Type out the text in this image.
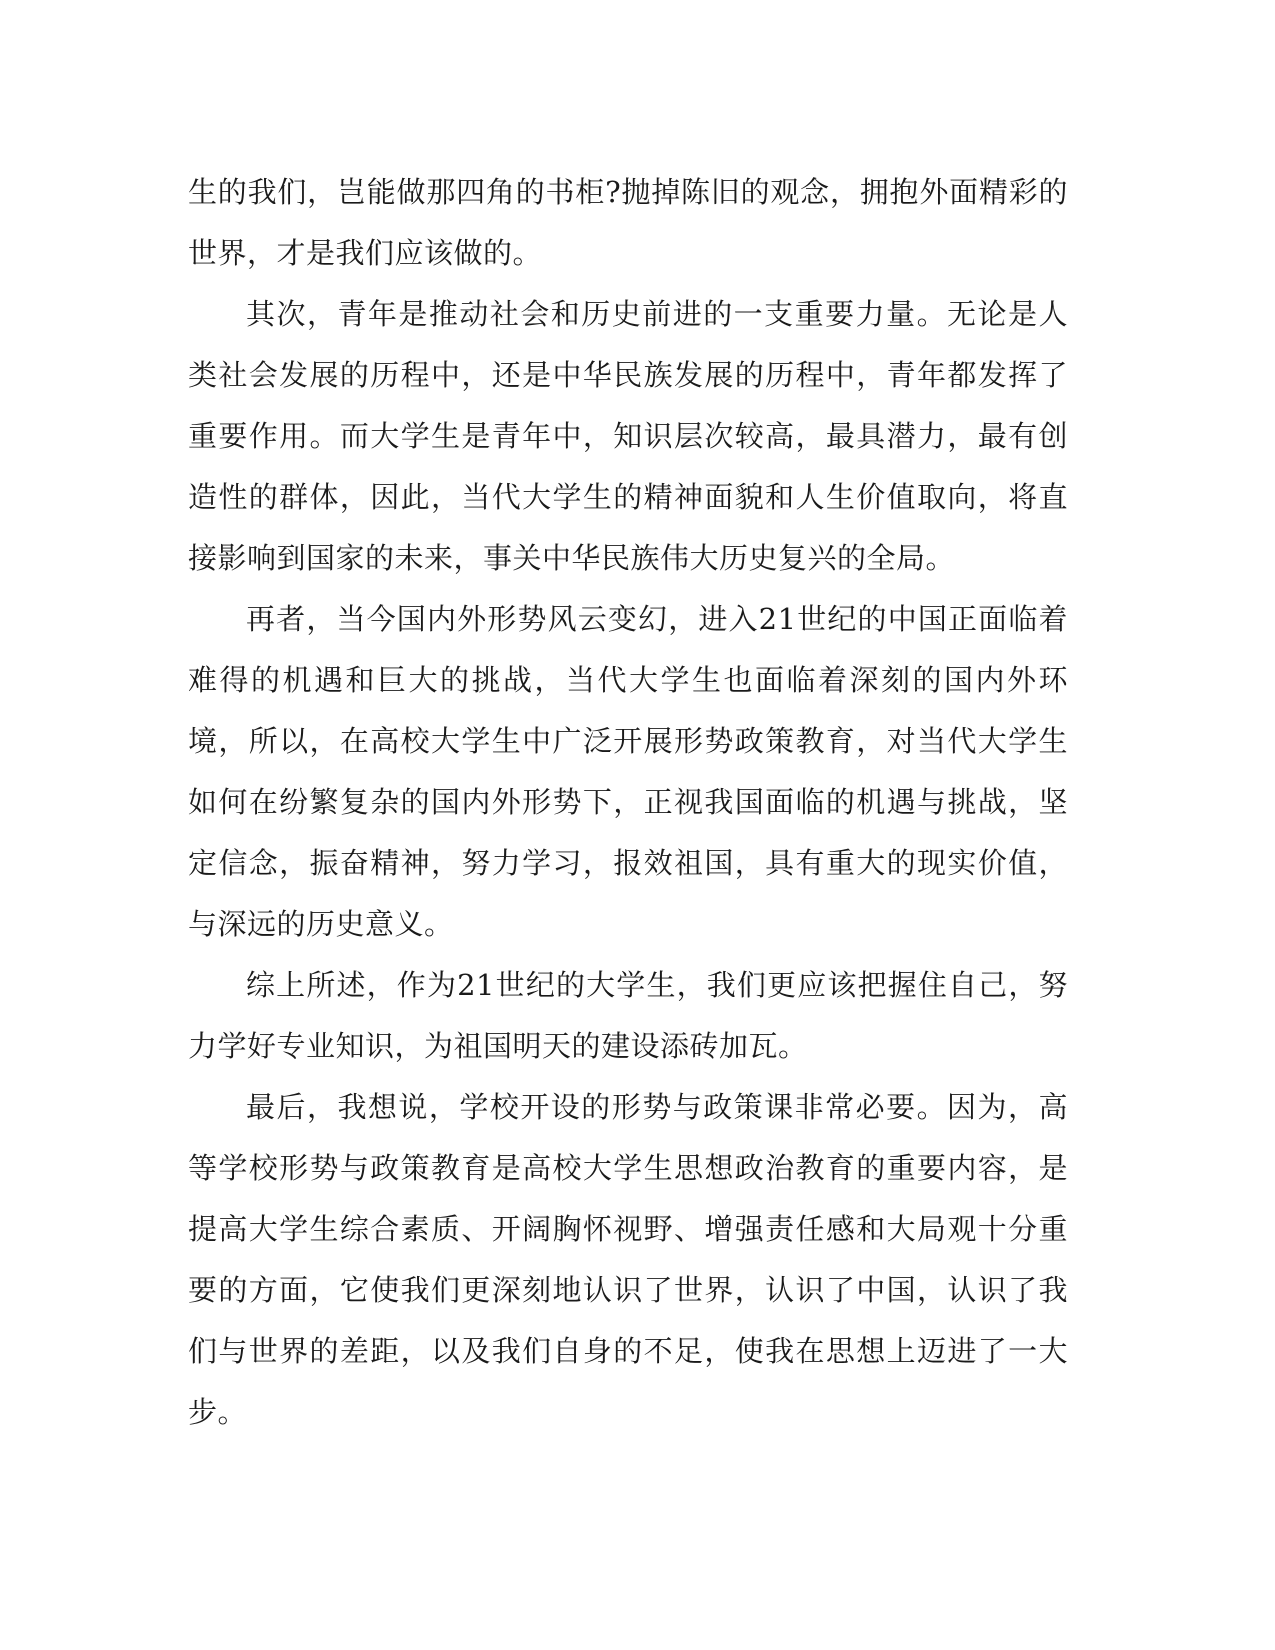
生的我们，岂能做那四角的书柜?抛掉陈旧的观念，拥抱外面精彩的世界，才是我们应该做的。

其次，青年是推动社会和历史前进的一支重要力量。无论是人类社会发展的历程中，还是中华民族发展的历程中，青年都发挥了重要作用。而大学生是青年中，知识层次较高，最具潜力，最有创造性的群体，因此，当代大学生的精神面貌和人生价值取向，将直接影响到国家的未来，事关中华民族伟大历史复兴的全局。

再者，当今国内外形势风云变幻，进入21世纪的中国正面临着难得的机遇和巨大的挑战，当代大学生也面临着深刻的国内外环境，所以，在高校大学生中广泛开展形势政策教育，对当代大学生如何在纷繁复杂的国内外形势下，正视我国面临的机遇与挑战，坚定信念，振奋精神，努力学习，报效祖国，具有重大的现实价值，与深远的历史意义。

综上所述，作为21世纪的大学生，我们更应该把握住自己，努力学好专业知识，为祖国明天的建设添砖加瓦。

最后，我想说，学校开设的形势与政策课非常必要。因为，高等学校形势与政策教育是高校大学生思想政治教育的重要内容，是提高大学生综合素质、开阔胸怀视野、增强责任感和大局观十分重要的方面，它使我们更深刻地认识了世界，认识了中国，认识了我们与世界的差距，以及我们自身的不足，使我在思想上迈进了一大步。
